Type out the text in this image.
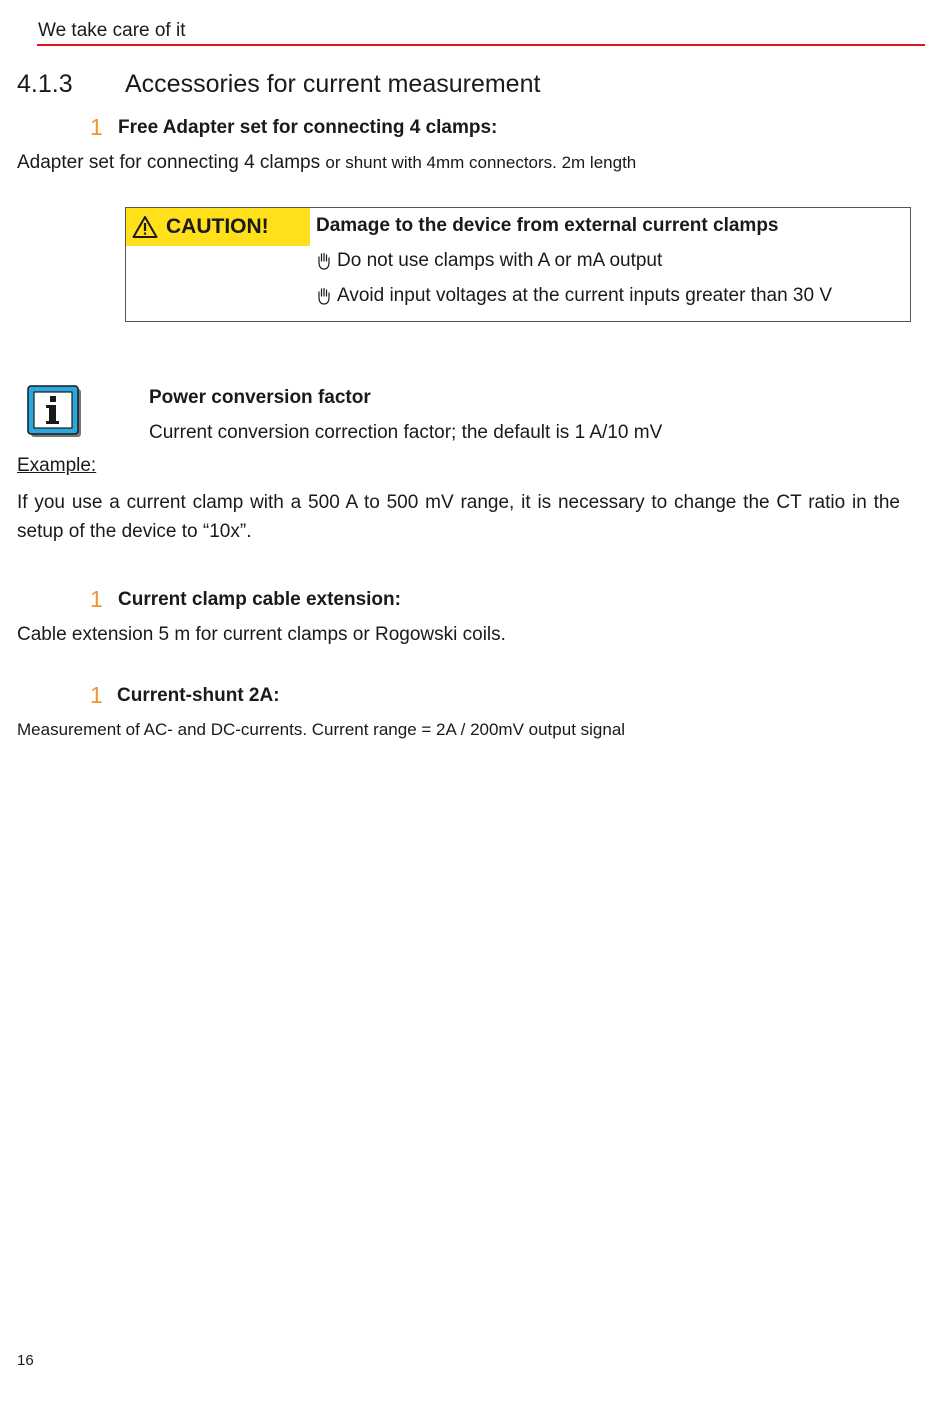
We take care of it
4.1.3 Accessories for current measurement
1 Free Adapter set for connecting 4 clamps:
Adapter set for connecting 4 clamps or shunt with 4mm connectors. 2m length
CAUTION! Damage to the device from external current clamps
Do not use clamps with A or mA output
Avoid input voltages at the current inputs greater than 30 V
Power conversion factor
Current conversion correction factor; the default is 1 A/10 mV
Example:
If you use a current clamp with a 500 A to 500 mV range, it is necessary to change the CT ratio in the setup of the device to “10x”.
1 Current clamp cable extension:
Cable extension 5 m for current clamps or Rogowski coils.
1 Current-shunt 2A:
Measurement of AC- and DC-currents. Current range = 2A / 200mV output signal
16
